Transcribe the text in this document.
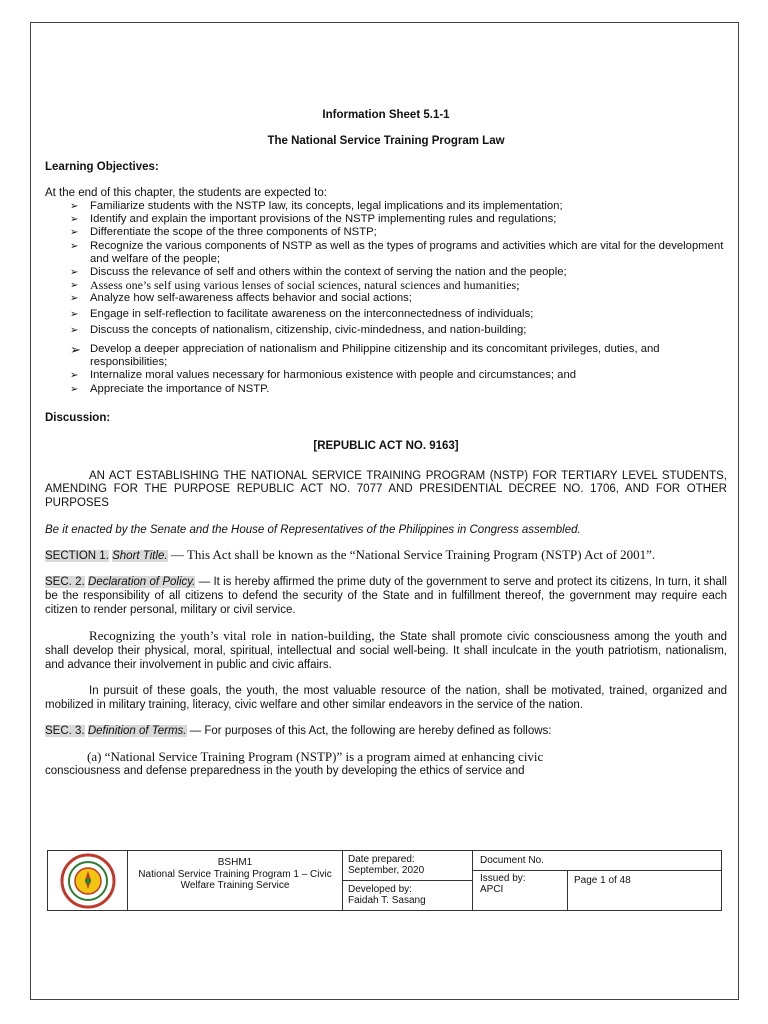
Information Sheet 5.1-1
The National Service Training Program Law
Learning Objectives:
At the end of this chapter, the students are expected to:
➢ Familiarize students with the NSTP law, its concepts, legal implications and its implementation;
➢ Identify and explain the important provisions of the NSTP implementing rules and regulations;
➢ Differentiate the scope of the three components of NSTP;
➢ Recognize the various components of NSTP as well as the types of programs and activities which are vital for the development and welfare of the people;
➢ Discuss the relevance of self and others within the context of serving the nation and the people;
➢ Assess one’s self using various lenses of social sciences, natural sciences and humanities;
➢ Analyze how self-awareness affects behavior and social actions;
➢ Engage in self-reflection to facilitate awareness on the interconnectedness of individuals;
➢ Discuss the concepts of nationalism, citizenship, civic-mindedness, and nation-building;
➢ Develop a deeper appreciation of nationalism and Philippine citizenship and its concomitant privileges, duties, and responsibilities;
➢ Internalize moral values necessary for harmonious existence with people and circumstances; and
➢ Appreciate the importance of NSTP.
Discussion:
[REPUBLIC ACT NO. 9163]
AN ACT ESTABLISHING THE NATIONAL SERVICE TRAINING PROGRAM (NSTP) FOR TERTIARY LEVEL STUDENTS, AMENDING FOR THE PURPOSE REPUBLIC ACT NO. 7077 AND PRESIDENTIAL DECREE NO. 1706, AND FOR OTHER PURPOSES
Be it enacted by the Senate and the House of Representatives of the Philippines in Congress assembled.
SECTION 1. Short Title. — This Act shall be known as the “National Service Training Program (NSTP) Act of 2001”.
SEC. 2. Declaration of Policy. — It is hereby affirmed the prime duty of the government to serve and protect its citizens, In turn, it shall be the responsibility of all citizens to defend the security of the State and in fulfillment thereof, the government may require each citizen to render personal, military or civil service.
Recognizing the youth’s vital role in nation-building, the State shall promote civic consciousness among the youth and shall develop their physical, moral, spiritual, intellectual and social well-being. It shall inculcate in the youth patriotism, nationalism, and advance their involvement in public and civic affairs.
In pursuit of these goals, the youth, the most valuable resource of the nation, shall be motivated, trained, organized and mobilized in military training, literacy, civic welfare and other similar endeavors in the service of the nation.
SEC. 3. Definition of Terms. — For purposes of this Act, the following are hereby defined as follows:
(a) “National Service Training Program (NSTP)” is a program aimed at enhancing civic
consciousness and defense preparedness in the youth by developing the ethics of service and
BSHM1
National Service Training Program 1 – Civic Welfare Training Service
Date prepared:
September, 2020
Developed by:
Faidah T. Sasang
Document No.
Issued by:
APCI
Page 1 of 48
